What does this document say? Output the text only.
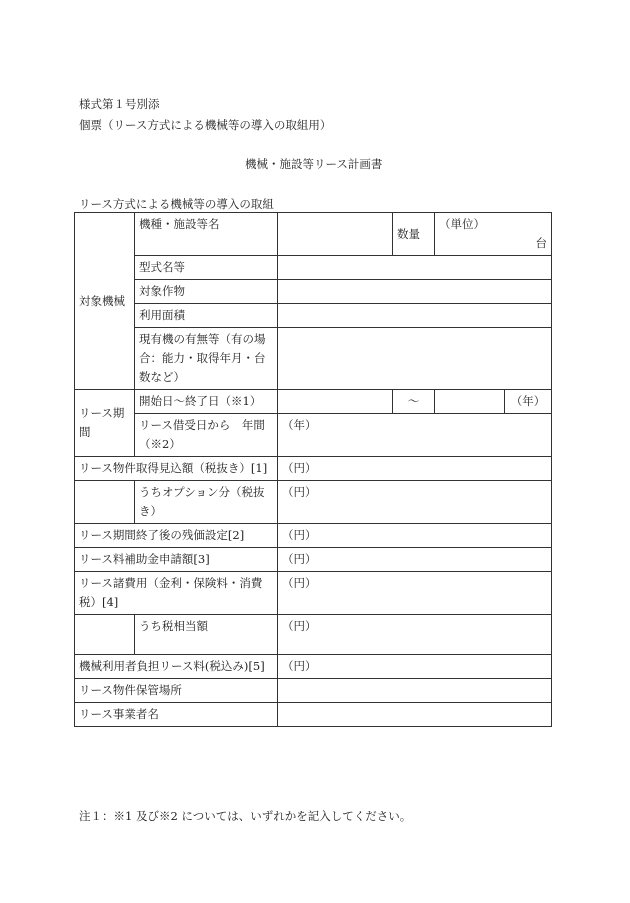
様式第１号別添
個票（リース方式による機械等の導入の取組用）
機械・施設等リース計画書
リース方式による機械等の導入の取組
対象機械	機種・施設等名		数量	（単位）
台	

	型式名等				
	対象作物				
	利用面積				
	現有機の有無等（有の場合：能力・取得年月・台数など）				
リース期間	開始日～終了日（※1）		～		（年）
	リース借受日から　年間（※2）	（年）			
リース物件取得見込額（税抜き）[1]		（円）			
	うちオプション分（税抜き）	（円）			
リース期間終了後の残価設定[2]		（円）			
リース料補助金申請額[3]		（円）			
リース諸費用（金利・保険料・消費税）[4]		（円）			
	うち税相当額	（円）			
機械利用者負担リース料(税込み)[5]		（円）			
リース物件保管場所					
リース事業者名					
注１：※1 及び※2 については、いずれかを記入してください。
